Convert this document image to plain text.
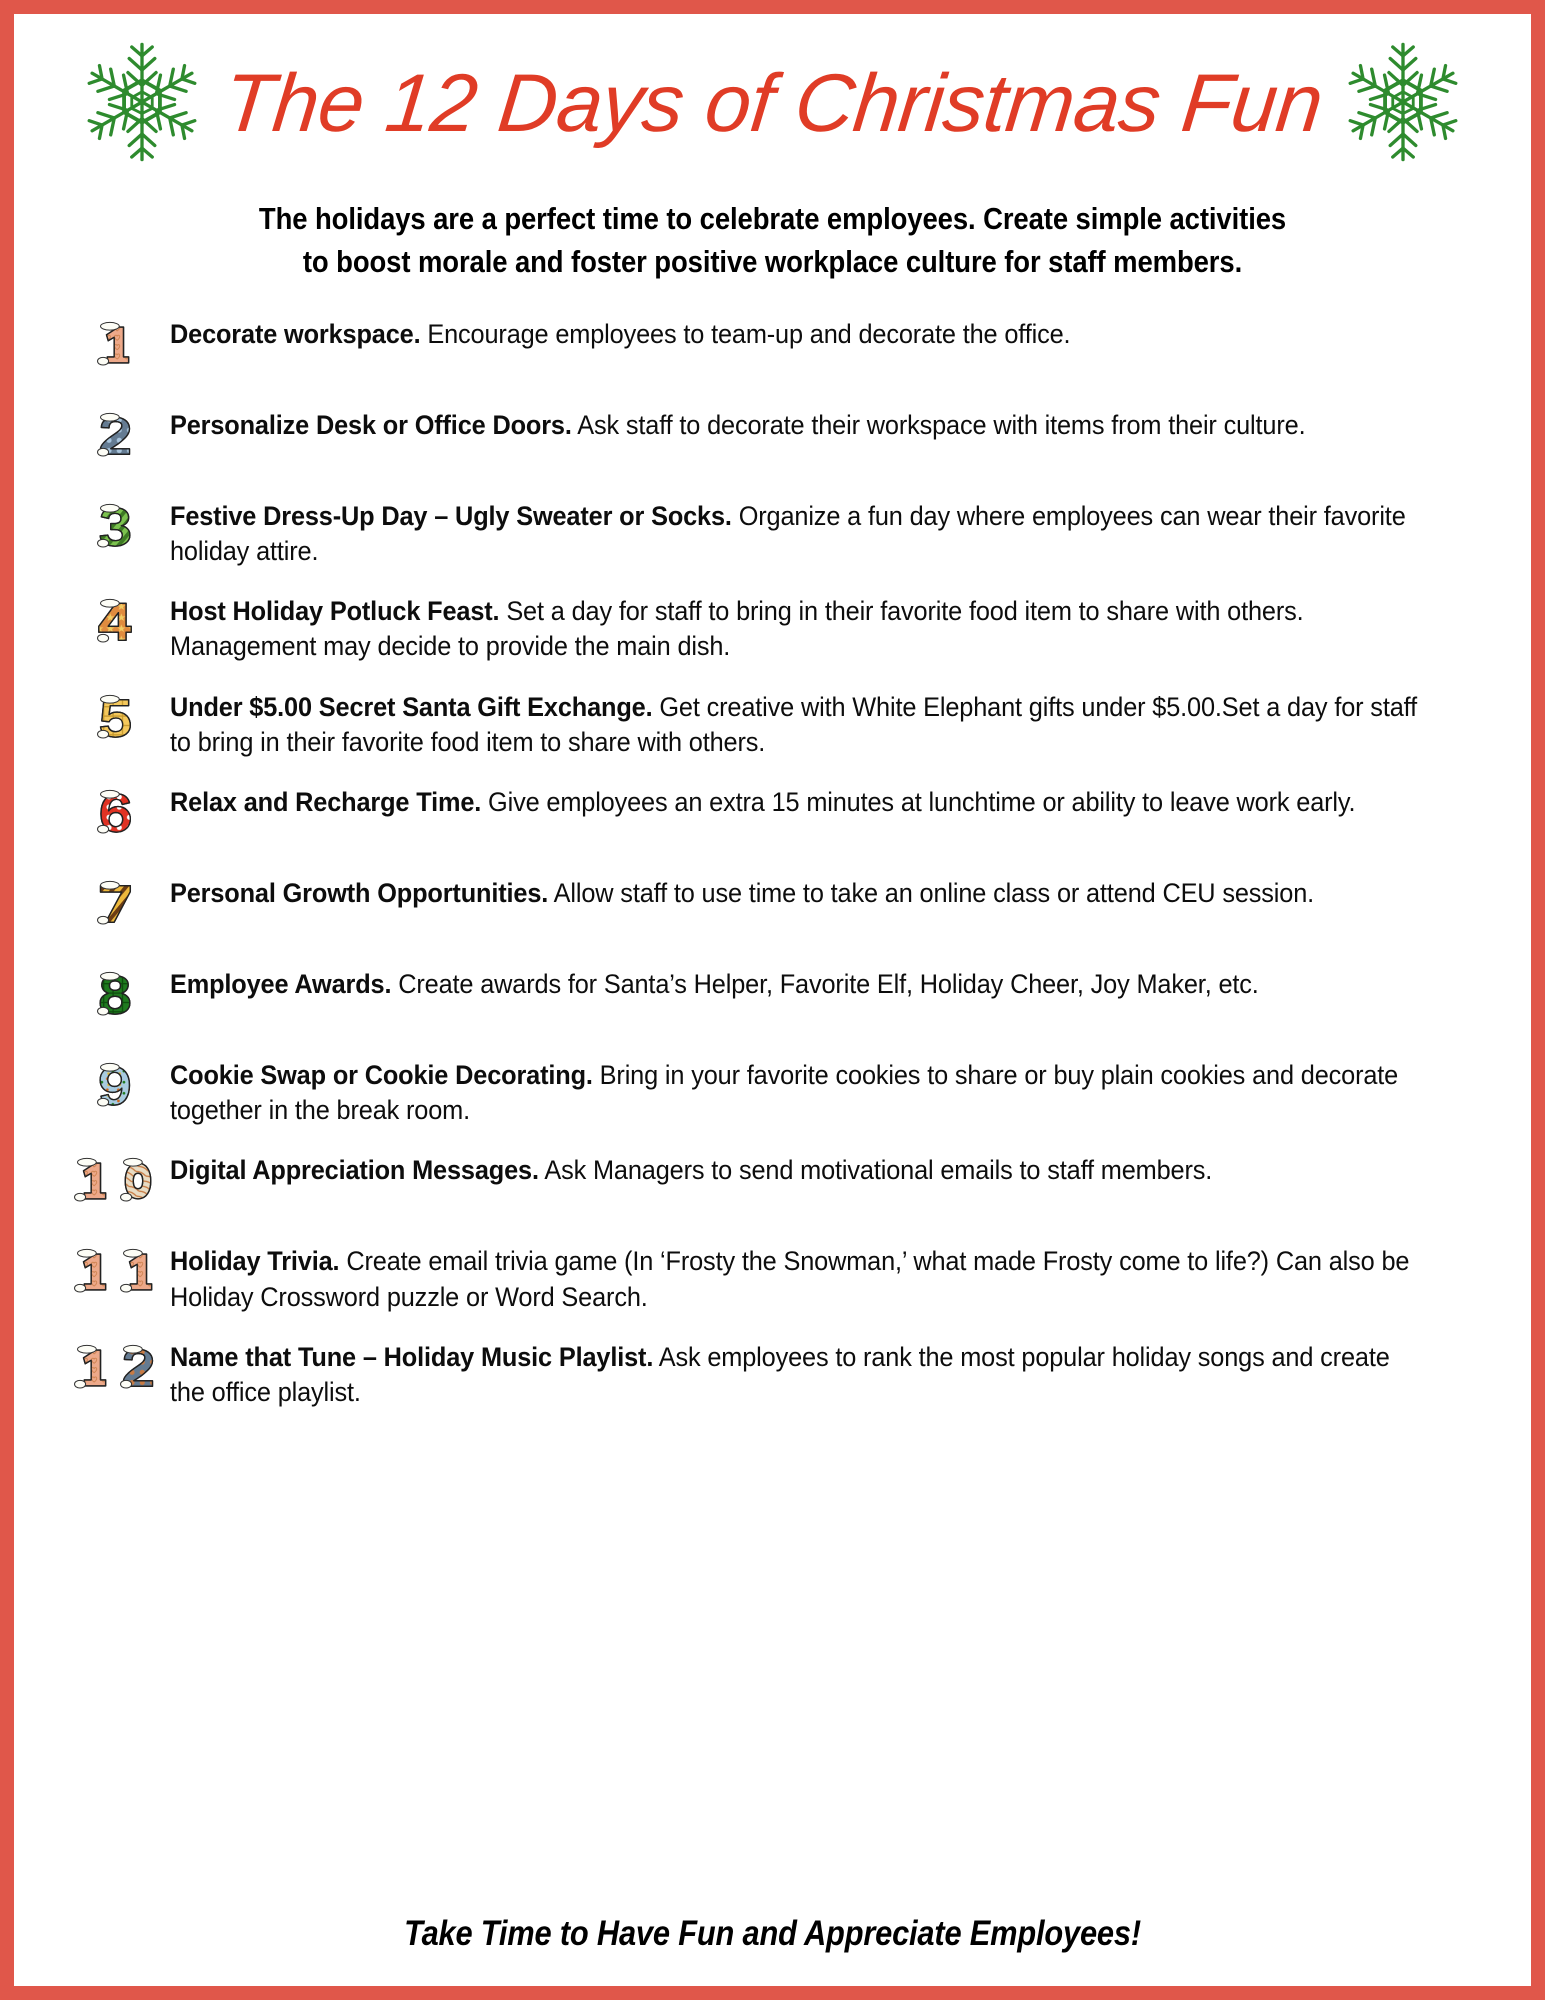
The 12 Days of Christmas Fun
The holidays are a perfect time to celebrate employees. Create simple activities
to boost morale and foster positive workplace culture for staff members.
Decorate workspace. Encourage employees to team-up and decorate the office.
Personalize Desk or Office Doors. Ask staff to decorate their workspace with items from their culture.
Festive Dress-Up Day – Ugly Sweater or Socks. Organize a fun day where employees can wear their favorite holiday attire.
Host Holiday Potluck Feast. Set a day for staff to bring in their favorite food item to share with others. Management may decide to provide the main dish.
Under $5.00 Secret Santa Gift Exchange. Get creative with White Elephant gifts under $5.00.Set a day for staff to bring in their favorite food item to share with others.
Relax and Recharge Time. Give employees an extra 15 minutes at lunchtime or ability to leave work early.
Personal Growth Opportunities. Allow staff to use time to take an online class or attend CEU session.
Employee Awards. Create awards for Santa’s Helper, Favorite Elf, Holiday Cheer, Joy Maker, etc.
Cookie Swap or Cookie Decorating. Bring in your favorite cookies to share or buy plain cookies and decorate together in the break room.
Digital Appreciation Messages. Ask Managers to send motivational emails to staff members.
Holiday Trivia. Create email trivia game (In ‘Frosty the Snowman,’ what made Frosty come to life?) Can also be Holiday Crossword puzzle or Word Search.
Name that Tune – Holiday Music Playlist. Ask employees to rank the most popular holiday songs and create the office playlist.
Take Time to Have Fun and Appreciate Employees!
